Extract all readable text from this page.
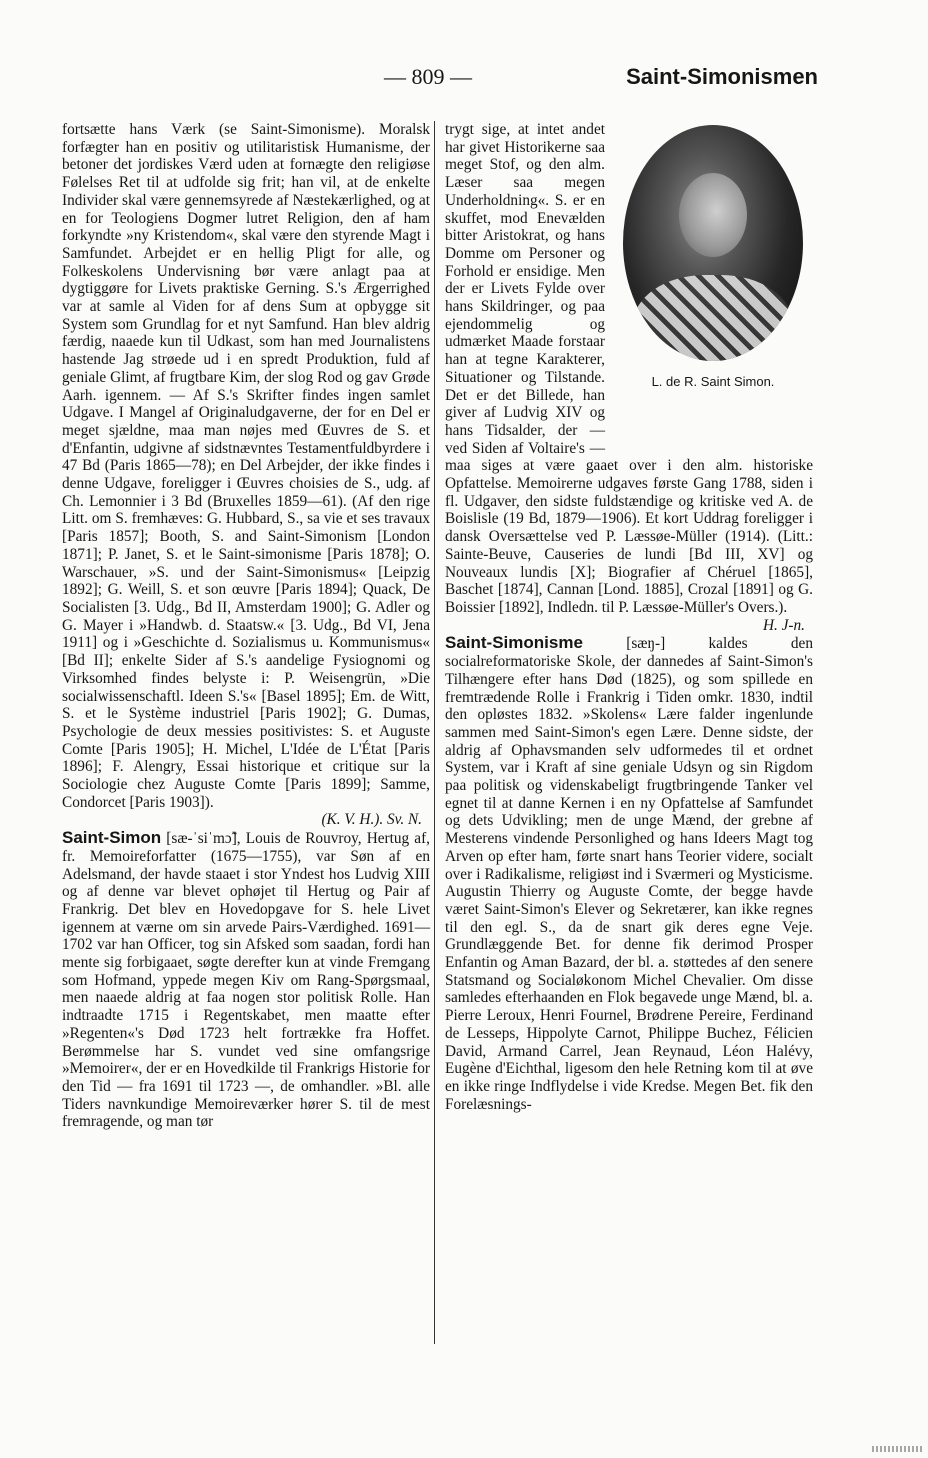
— 809 —	Saint-Simonismen

fortsætte hans Værk (se Saint-Simonisme). Moralsk forfægter han en positiv og utilitaristisk Humanisme, der betoner det jordiskes Værd uden at fornægte den religiøse Følelses Ret til at udfolde sig frit; han vil, at de enkelte Individer skal være gennemsyrede af Næstekærlighed, og at en for Teologiens Dogmer lutret Religion, den af ham forkyndte »ny Kristendom«, skal være den styrende Magt i Samfundet. Arbejdet er en hellig Pligt for alle, og Folkeskolens Undervisning bør være anlagt paa at dygtiggøre for Livets praktiske Gerning. S.'s Ærgerrighed var at samle al Viden for af dens Sum at opbygge sit System som Grundlag for et nyt Samfund. Han blev aldrig færdig, naaede kun til Udkast, som han med Journalistens hastende Jag strøede ud i en spredt Produktion, fuld af geniale Glimt, af frugtbare Kim, der slog Rod og gav Grøde Aarh. igennem. — Af S.'s Skrifter findes ingen samlet Udgave. I Mangel af Originaludgaverne, der for en Del er meget sjældne, maa man nøjes med Œuvres de S. et d'Enfantin, udgivne af sidstnævntes Testamentfuldbyrdere i 47 Bd (Paris 1865—78); en Del Arbejder, der ikke findes i denne Udgave, foreligger i Œuvres choisies de S., udg. af Ch. Lemonnier i 3 Bd (Bruxelles 1859—61). (Af den rige Litt. om S. fremhæves: G. Hubbard, S., sa vie et ses travaux [Paris 1857]; Booth, S. and Saint-Simonism [London 1871]; P. Janet, S. et le Saint-simonisme [Paris 1878]; O. Warschauer, »S. und der Saint-Simonismus« [Leipzig 1892]; G. Weill, S. et son œuvre [Paris 1894]; Quack, De Socialisten [3. Udg., Bd II, Amsterdam 1900]; G. Adler og G. Mayer i »Handwb. d. Staatsw.« [3. Udg., Bd VI, Jena 1911] og i »Geschichte d. Sozialismus u. Kommunismus« [Bd II]; enkelte Sider af S.'s aandelige Fysiognomi og Virksomhed findes belyste i: P. Weisengrün, »Die socialwissenschaftl. Ideen S.'s« [Basel 1895]; Em. de Witt, S. et le Système industriel [Paris 1902]; G. Dumas, Psychologie de deux messies positivistes: S. et Auguste Comte [Paris 1905]; H. Michel, L'Idée de L'État [Paris 1896]; F. Alengry, Essai historique et critique sur la Sociologie chez Auguste Comte [Paris 1899]; Samme, Condorcet [Paris 1903]).

(K. V. H.). Sv. N.

Saint-Simon [sæ-ˈsiˈmɔ̃], Louis de Rouvroy, Hertug af, fr. Memoireforfatter (1675—1755), var Søn af en Adelsmand, der havde staaet i stor Yndest hos Ludvig XIII og af denne var blevet ophøjet til Hertug og Pair af Frankrig. Det blev en Hovedopgave for S. hele Livet igennem at værne om sin arvede Pairs-Værdighed. 1691—1702 var han Officer, tog sin Afsked som saadan, fordi han mente sig forbigaaet, søgte derefter kun at vinde Fremgang som Hofmand, yppede megen Kiv om Rang-Spørgsmaal, men naaede aldrig at faa nogen stor politisk Rolle. Han indtraadte 1715 i Regentskabet, men maatte efter »Regenten«'s Død 1723 helt fortrække fra Hoffet. Berømmelse har S. vundet ved sine omfangsrige »Memoirer«, der er en Hovedkilde til Frankrigs Historie for den Tid — fra 1691 til 1723 —, de omhandler. »Bl. alle Tiders navnkundige Memoireværker hører S. til de mest fremragende, og man tør

L. de R. Saint Simon.

trygt sige, at intet andet har givet Historikerne saa meget Stof, og den alm. Læser saa megen Underholdning«. S. er en skuffet, mod Enevælden bitter Aristokrat, og hans Domme om Personer og Forhold er ensidige. Men der er Livets Fylde over hans Skildringer, og paa ejendommelig og udmærket Maade forstaar han at tegne Karakterer, Situationer og Tilstande. Det er det Billede, han giver af Ludvig XIV og hans Tidsalder, der — ved Siden af Voltaire's — maa siges at være gaaet over i den alm. historiske Opfattelse. Memoirerne udgaves første Gang 1788, siden i fl. Udgaver, den sidste fuldstændige og kritiske ved A. de Boislisle (19 Bd, 1879—1906). Et kort Uddrag foreligger i dansk Oversættelse ved P. Læssøe-Müller (1914). (Litt.: Sainte-Beuve, Causeries de lundi [Bd III, XV] og Nouveaux lundis [X]; Biografier af Chéruel [1865], Baschet [1874], Cannan [Lond. 1885], Crozal [1891] og G. Boissier [1892], Indledn. til P. Læssøe-Müller's Overs.).

H. J-n.

Saint-Simonisme [sæŋ-] kaldes den socialreformatoriske Skole, der dannedes af Saint-Simon's Tilhængere efter hans Død (1825), og som spillede en fremtrædende Rolle i Frankrig i Tiden omkr. 1830, indtil den opløstes 1832. »Skolens« Lære falder ingenlunde sammen med Saint-Simon's egen Lære. Denne sidste, der aldrig af Ophavsmanden selv udformedes til et ordnet System, var i Kraft af sine geniale Udsyn og sin Rigdom paa politisk og videnskabeligt frugtbringende Tanker vel egnet til at danne Kernen i en ny Opfattelse af Samfundet og dets Udvikling; men de unge Mænd, der grebne af Mesterens vindende Personlighed og hans Ideers Magt tog Arven op efter ham, førte snart hans Teorier videre, socialt over i Radikalisme, religiøst ind i Sværmeri og Mysticisme. Augustin Thierry og Auguste Comte, der begge havde været Saint-Simon's Elever og Sekretærer, kan ikke regnes til den egl. S., da de snart gik deres egne Veje. Grundlæggende Bet. for denne fik derimod Prosper Enfantin og Aman Bazard, der bl. a. støttedes af den senere Statsmand og Socialøkonom Michel Chevalier. Om disse samledes efterhaanden en Flok begavede unge Mænd, bl. a. Pierre Leroux, Henri Fournel, Brødrene Pereire, Ferdinand de Lesseps, Hippolyte Carnot, Philippe Buchez, Félicien David, Armand Carrel, Jean Reynaud, Léon Halévy, Eugène d'Eichthal, ligesom den hele Retning kom til at øve en ikke ringe Indflydelse i vide Kredse. Megen Bet. fik den Forelæsnings-
